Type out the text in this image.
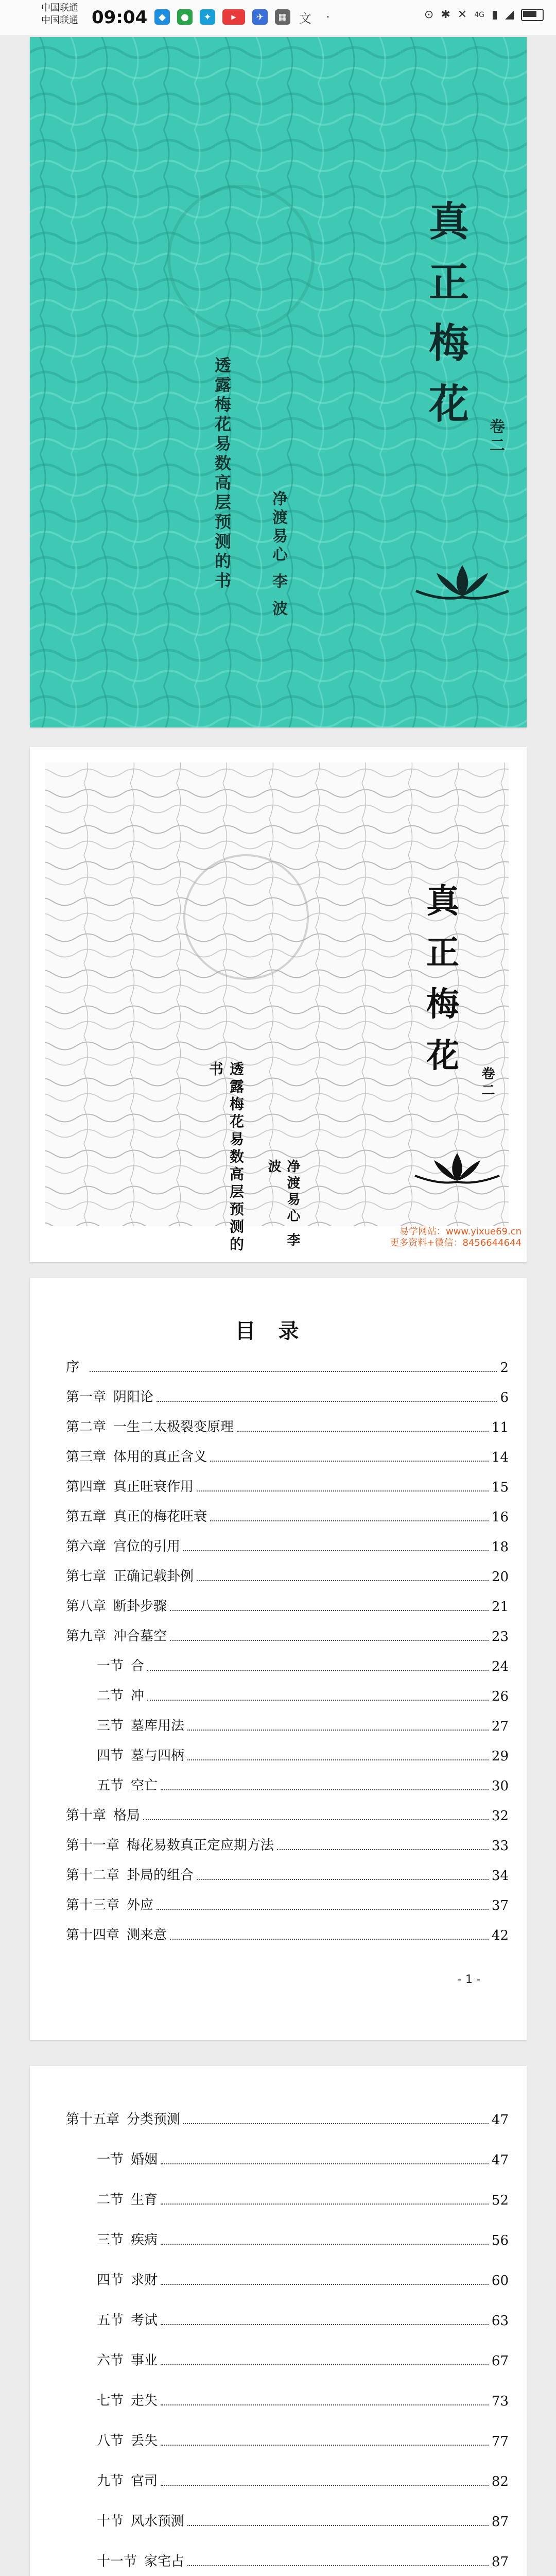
中国联通
中国联通 09:04	◆	●	✦	▶	✈	▦ 文	·	⊙ ✱ ✕ 4G ▮ ◢
真
正
梅
花
卷二
透露梅花易数高层预测的书 净渡易心 李 波
真
正
梅
花
卷二
透露梅花易数高层预测的书
净渡易心 李 波
易学网站：www.yixue69.cn
更多资料+微信：8456644644
目录
序	2
第一章 阴阳论	6
第二章 一生二太极裂变原理	11
第三章 体用的真正含义	14
第四章 真正旺衰作用	15
第五章 真正的梅花旺衰	16
第六章 宫位的引用	18
第七章 正确记载卦例	20
第八章 断卦步骤	21
第九章 冲合墓空	23
一节 合	24
二节 冲	26
三节 墓库用法	27
四节 墓与四柄	29
五节 空亡	30
第十章 格局	32
第十一章 梅花易数真正定应期方法	33
第十二章 卦局的组合	34
第十三章 外应	37
第十四章 测来意	42
- 1 -
第十五章 分类预测	47
一节 婚姻	47
二节 生育	52
三节 疾病	56
四节 求财	60
五节 考试	63
六节 事业	67
七节 走失	73
八节 丢失	77
九节 官司	82
十节 风水预测	87
十一节 家宅占	87
